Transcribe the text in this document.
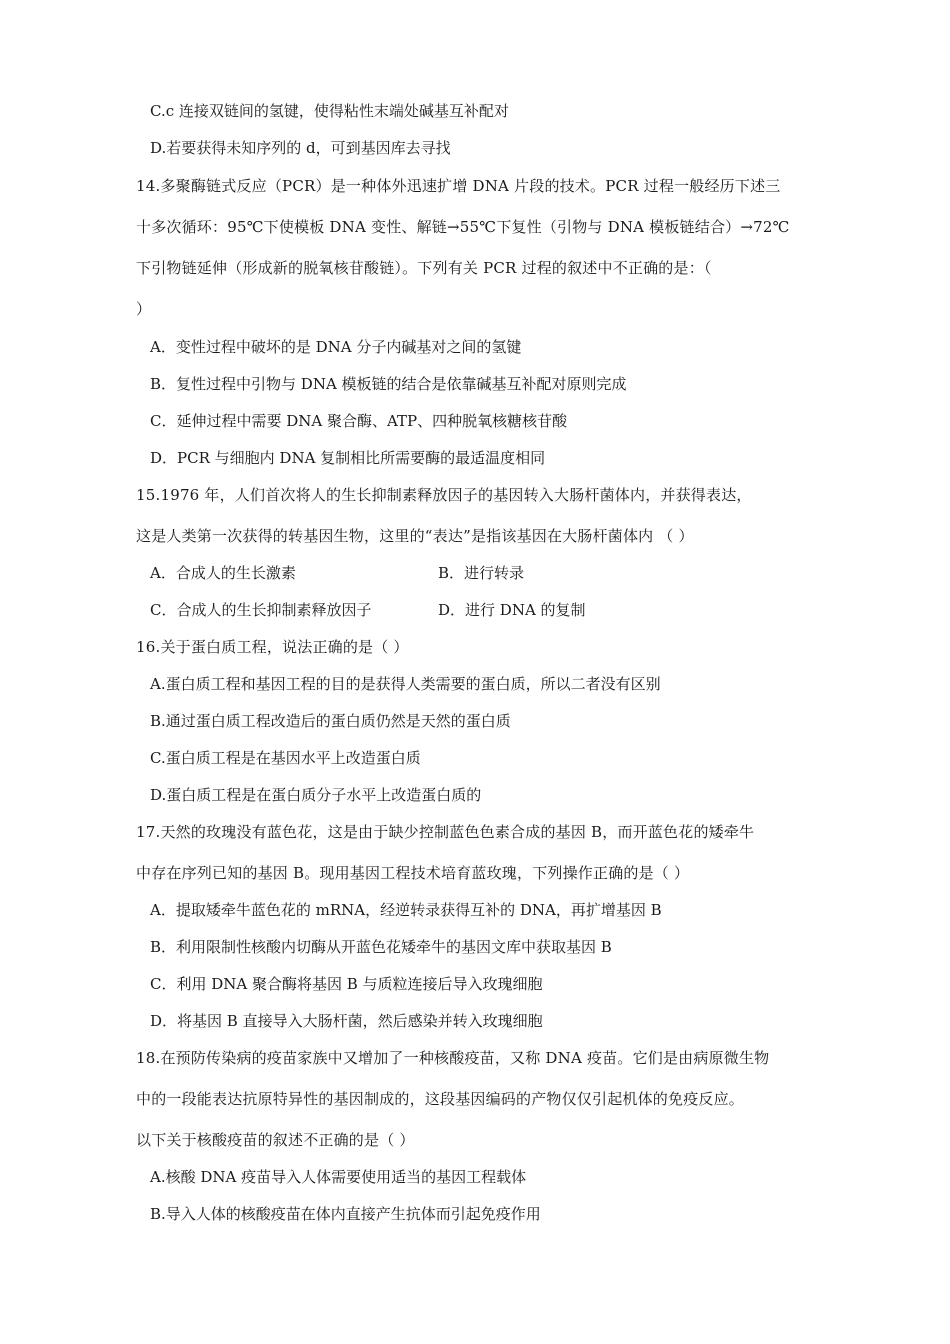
C.c 连接双链间的氢键，使得粘性末端处碱基互补配对
D.若要获得未知序列的 d，可到基因库去寻找
14.多聚酶链式反应（PCR）是一种体外迅速扩增 DNA 片段的技术。PCR 过程一般经历下述三
十多次循环：95℃下使模板 DNA 变性、解链→55℃下复性（引物与 DNA 模板链结合）→72℃
下引物链延伸（形成新的脱氧核苷酸链）。下列有关 PCR 过程的叙述中不正确的是：（
）
A．变性过程中破坏的是 DNA 分子内碱基对之间的氢键
B．复性过程中引物与 DNA 模板链的结合是依靠碱基互补配对原则完成
C．延伸过程中需要 DNA 聚合酶、ATP、四种脱氧核糖核苷酸
D．PCR 与细胞内 DNA 复制相比所需要酶的最适温度相同
15.1976 年，人们首次将人的生长抑制素释放因子的基因转入大肠杆菌体内，并获得表达，
这是人类第一次获得的转基因生物，这里的“表达”是指该基因在大肠杆菌体内 （ ）
A．合成人的生长激素	B．进行转录
C．合成人的生长抑制素释放因子	D．进行 DNA 的复制
16.关于蛋白质工程，说法正确的是（ ）
A.蛋白质工程和基因工程的目的是获得人类需要的蛋白质，所以二者没有区别
B.通过蛋白质工程改造后的蛋白质仍然是天然的蛋白质
C.蛋白质工程是在基因水平上改造蛋白质
D.蛋白质工程是在蛋白质分子水平上改造蛋白质的
17.天然的玫瑰没有蓝色花，这是由于缺少控制蓝色色素合成的基因 B，而开蓝色花的矮牵牛
中存在序列已知的基因 B。现用基因工程技术培育蓝玫瑰，下列操作正确的是（ ）
A．提取矮牵牛蓝色花的 mRNA，经逆转录获得互补的 DNA，再扩增基因 B
B．利用限制性核酸内切酶从开蓝色花矮牵牛的基因文库中获取基因 B
C．利用 DNA 聚合酶将基因 B 与质粒连接后导入玫瑰细胞
D．将基因 B 直接导入大肠杆菌，然后感染并转入玫瑰细胞
18.在预防传染病的疫苗家族中又增加了一种核酸疫苗，又称 DNA 疫苗。它们是由病原微生物
中的一段能表达抗原特异性的基因制成的，这段基因编码的产物仅仅引起机体的免疫反应。
以下关于核酸疫苗的叙述不正确的是（ ）
A.核酸 DNA 疫苗导入人体需要使用适当的基因工程载体
B.导入人体的核酸疫苗在体内直接产生抗体而引起免疫作用
